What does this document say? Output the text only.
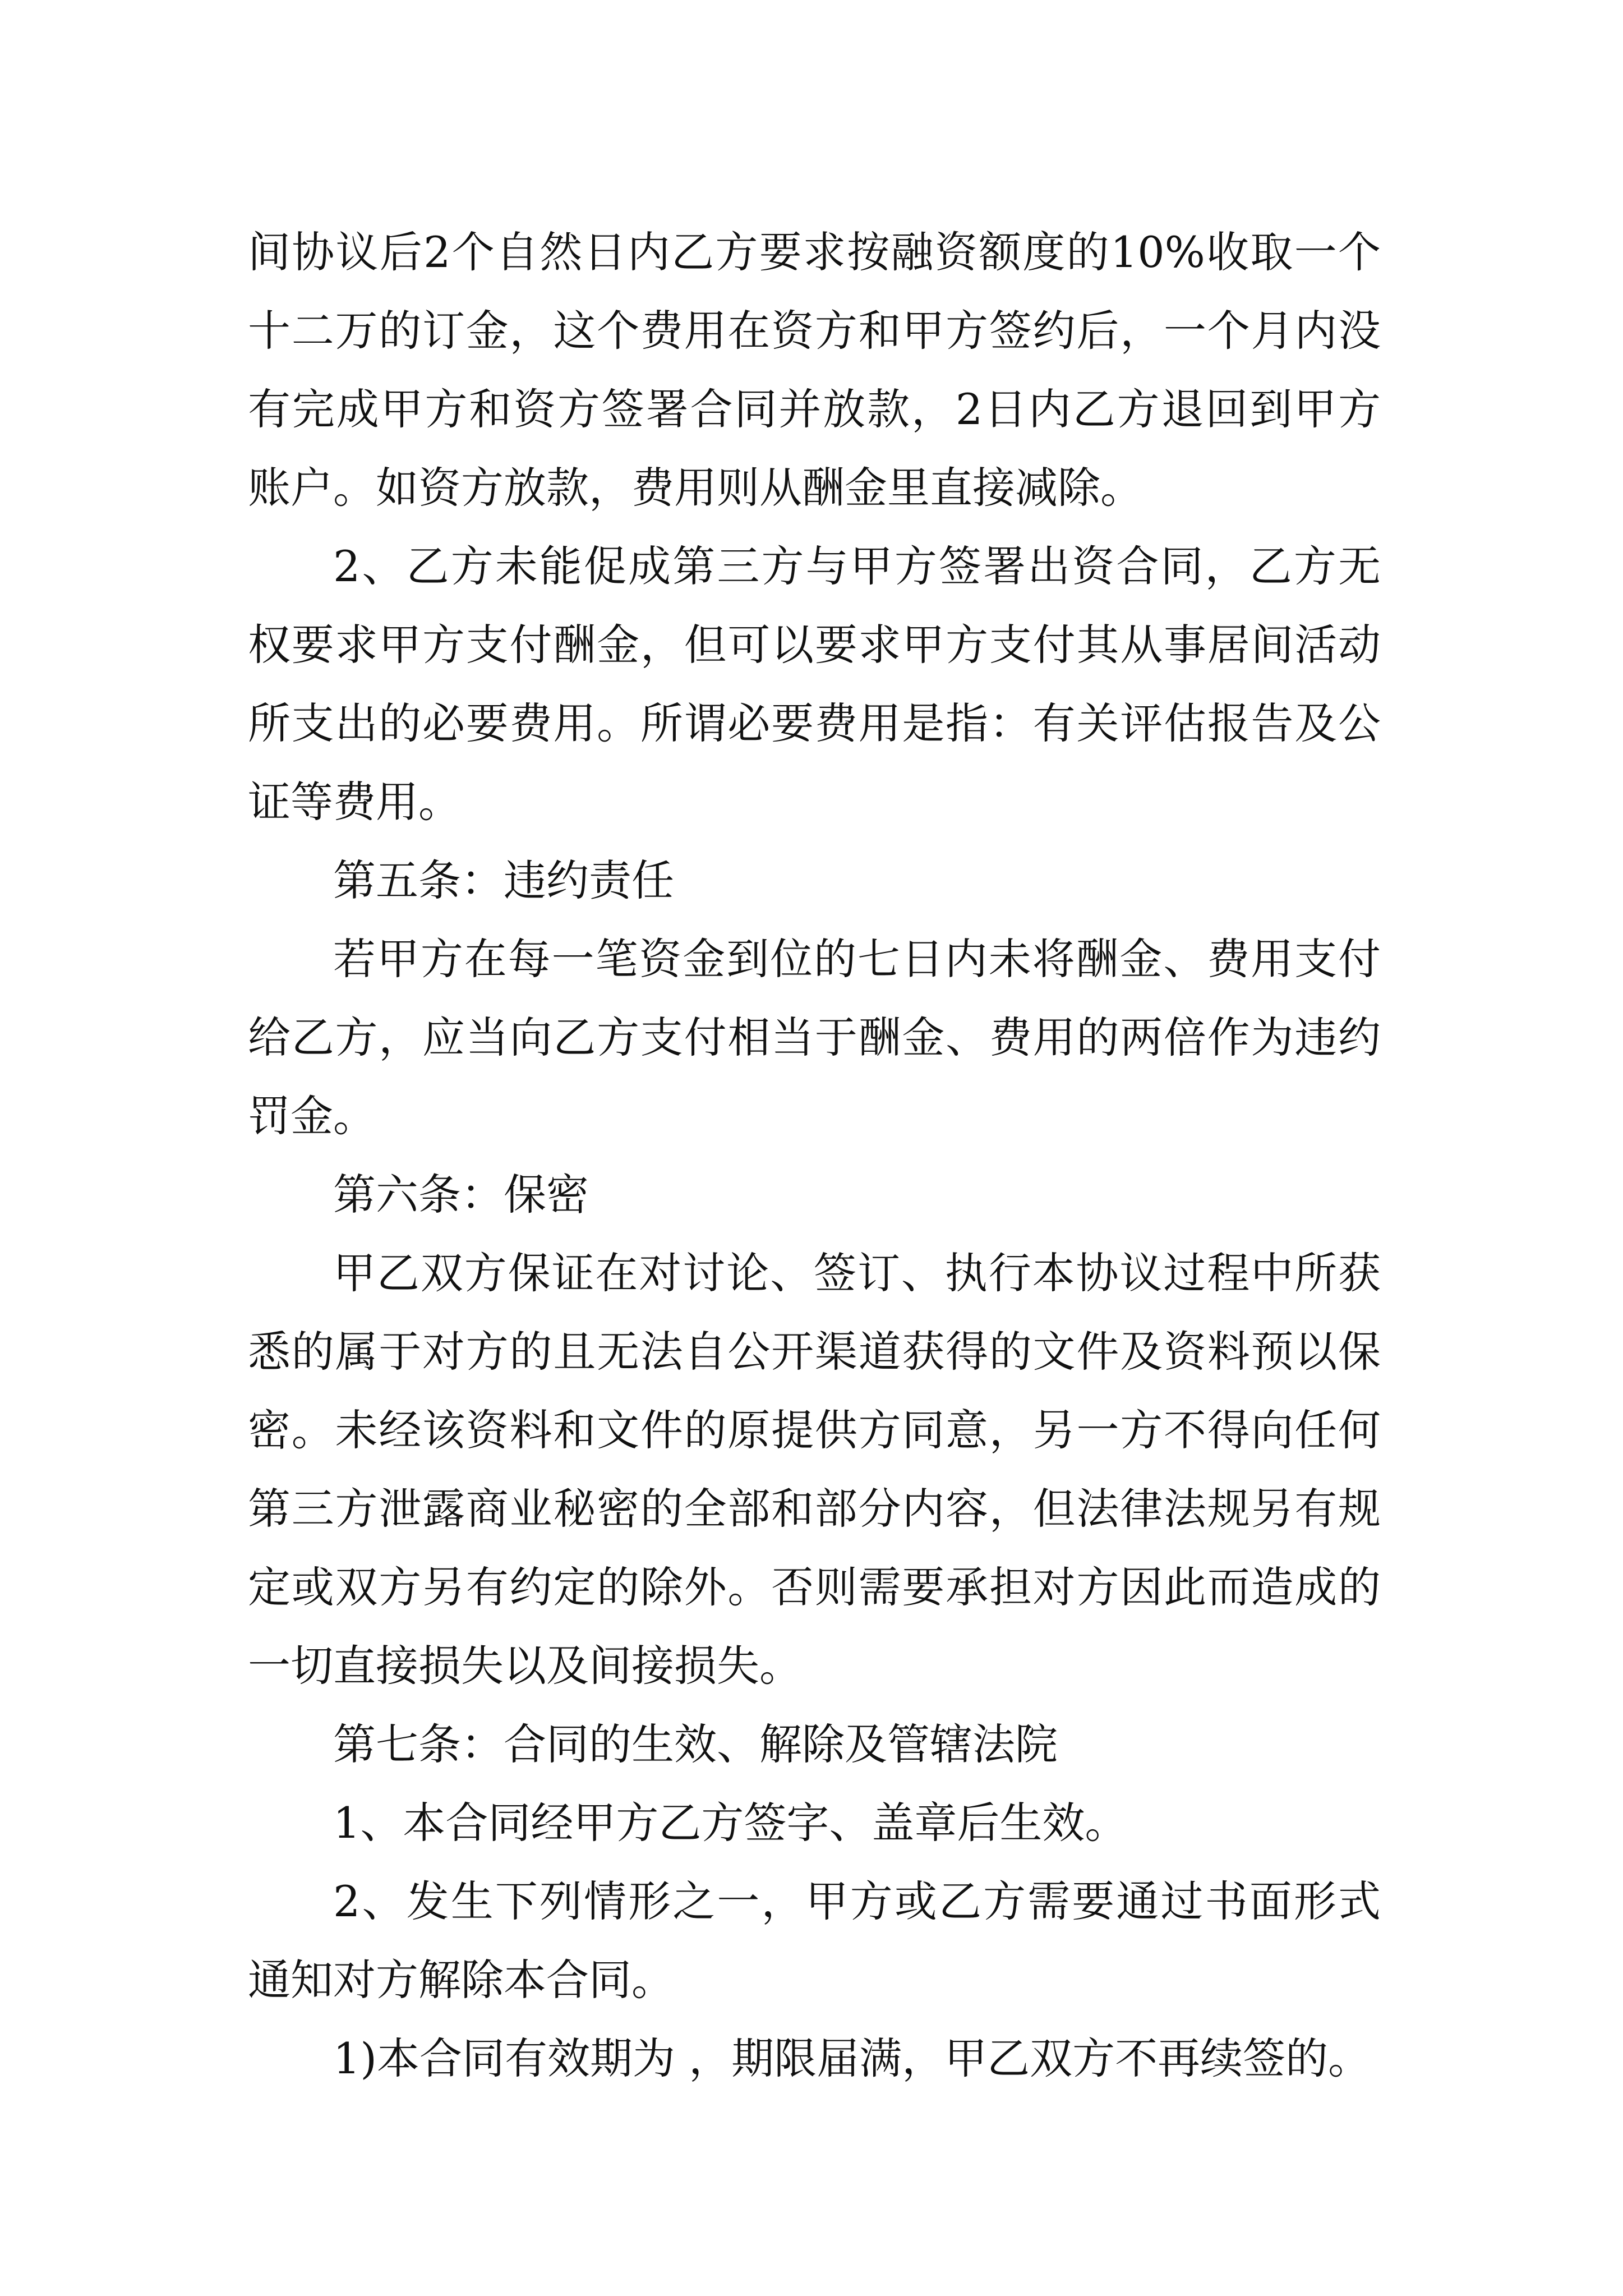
间协议后2个自然日内乙方要求按融资额度的10%收取一个十二万的订金，这个费用在资方和甲方签约后，一个月内没有完成甲方和资方签署合同并放款，2日内乙方退回到甲方账户。如资方放款，费用则从酬金里直接减除。

2、乙方未能促成第三方与甲方签署出资合同，乙方无权要求甲方支付酬金，但可以要求甲方支付其从事居间活动所支出的必要费用。所谓必要费用是指：有关评估报告及公证等费用。

第五条：违约责任

若甲方在每一笔资金到位的七日内未将酬金、费用支付给乙方，应当向乙方支付相当于酬金、费用的两倍作为违约罚金。

第六条：保密

甲乙双方保证在对讨论、签订、执行本协议过程中所获悉的属于对方的且无法自公开渠道获得的文件及资料预以保密。未经该资料和文件的原提供方同意，另一方不得向任何第三方泄露商业秘密的全部和部分内容，但法律法规另有规定或双方另有约定的除外。否则需要承担对方因此而造成的一切直接损失以及间接损失。

第七条：合同的生效、解除及管辖法院

1、本合同经甲方乙方签字、盖章后生效。

2、发生下列情形之一，甲方或乙方需要通过书面形式通知对方解除本合同。

1)本合同有效期为 ，期限届满，甲乙双方不再续签的。
